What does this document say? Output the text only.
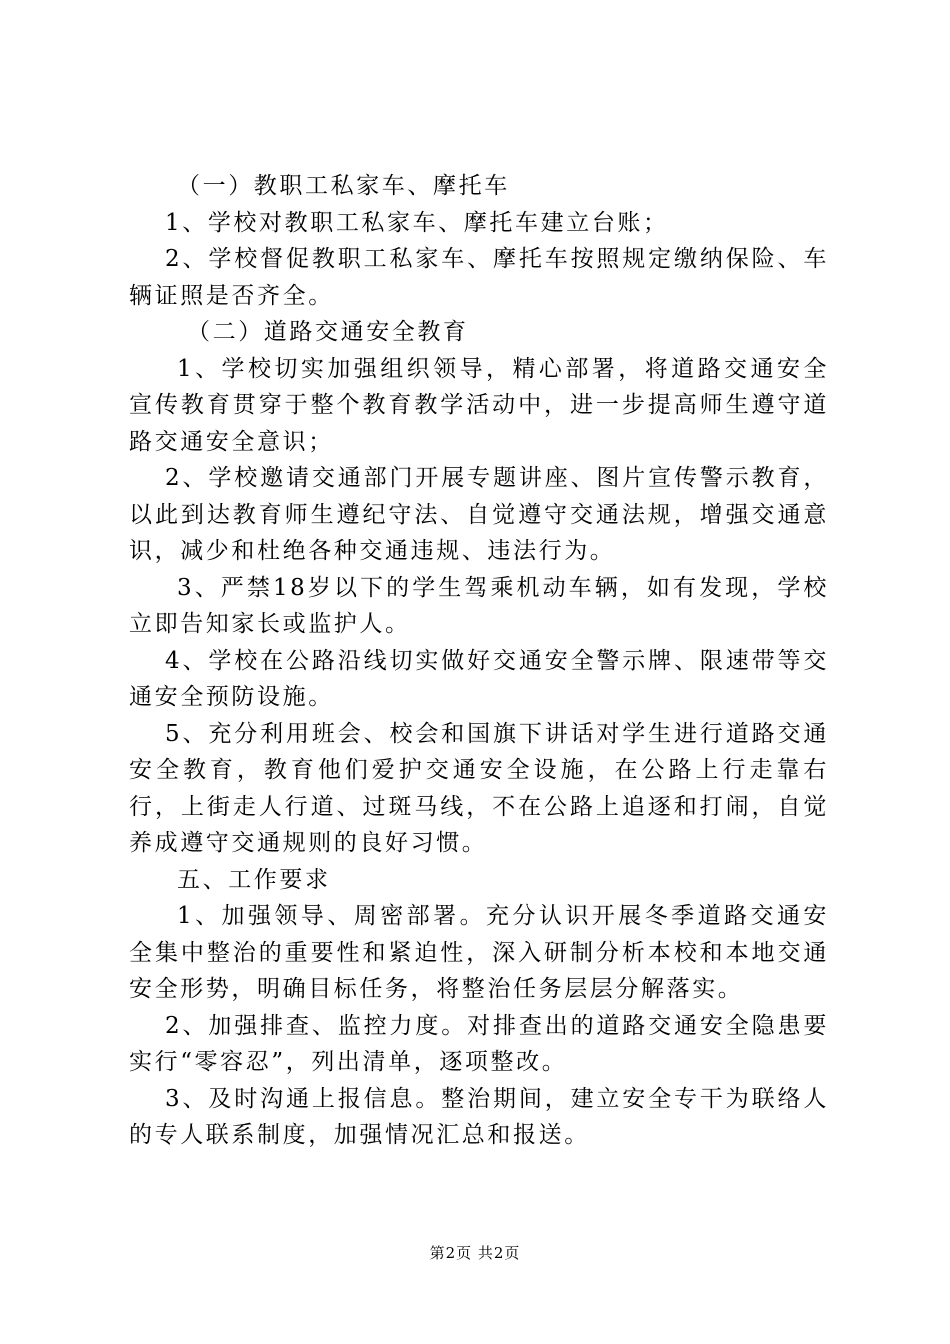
（一）教职工私家车、摩托车

1、学校对教职工私家车、摩托车建立台账；

2、学校督促教职工私家车、摩托车按照规定缴纳保险、车辆证照是否齐全。

（二）道路交通安全教育

1、学校切实加强组织领导，精心部署，将道路交通安全宣传教育贯穿于整个教育教学活动中，进一步提高师生遵守道路交通安全意识；

2、学校邀请交通部门开展专题讲座、图片宣传警示教育，以此到达教育师生遵纪守法、自觉遵守交通法规，增强交通意识，减少和杜绝各种交通违规、违法行为。

3、严禁18岁以下的学生驾乘机动车辆，如有发现，学校立即告知家长或监护人。

4、学校在公路沿线切实做好交通安全警示牌、限速带等交通安全预防设施。

5、充分利用班会、校会和国旗下讲话对学生进行道路交通安全教育，教育他们爱护交通安全设施，在公路上行走靠右行，上街走人行道、过斑马线，不在公路上追逐和打闹，自觉养成遵守交通规则的良好习惯。

五、工作要求

1、加强领导、周密部署。充分认识开展冬季道路交通安全集中整治的重要性和紧迫性，深入研制分析本校和本地交通安全形势，明确目标任务，将整治任务层层分解落实。

2、加强排查、监控力度。对排查出的道路交通安全隐患要实行“零容忍”，列出清单，逐项整改。

3、及时沟通上报信息。整治期间，建立安全专干为联络人的专人联系制度，加强情况汇总和报送。

第2页 共2页
